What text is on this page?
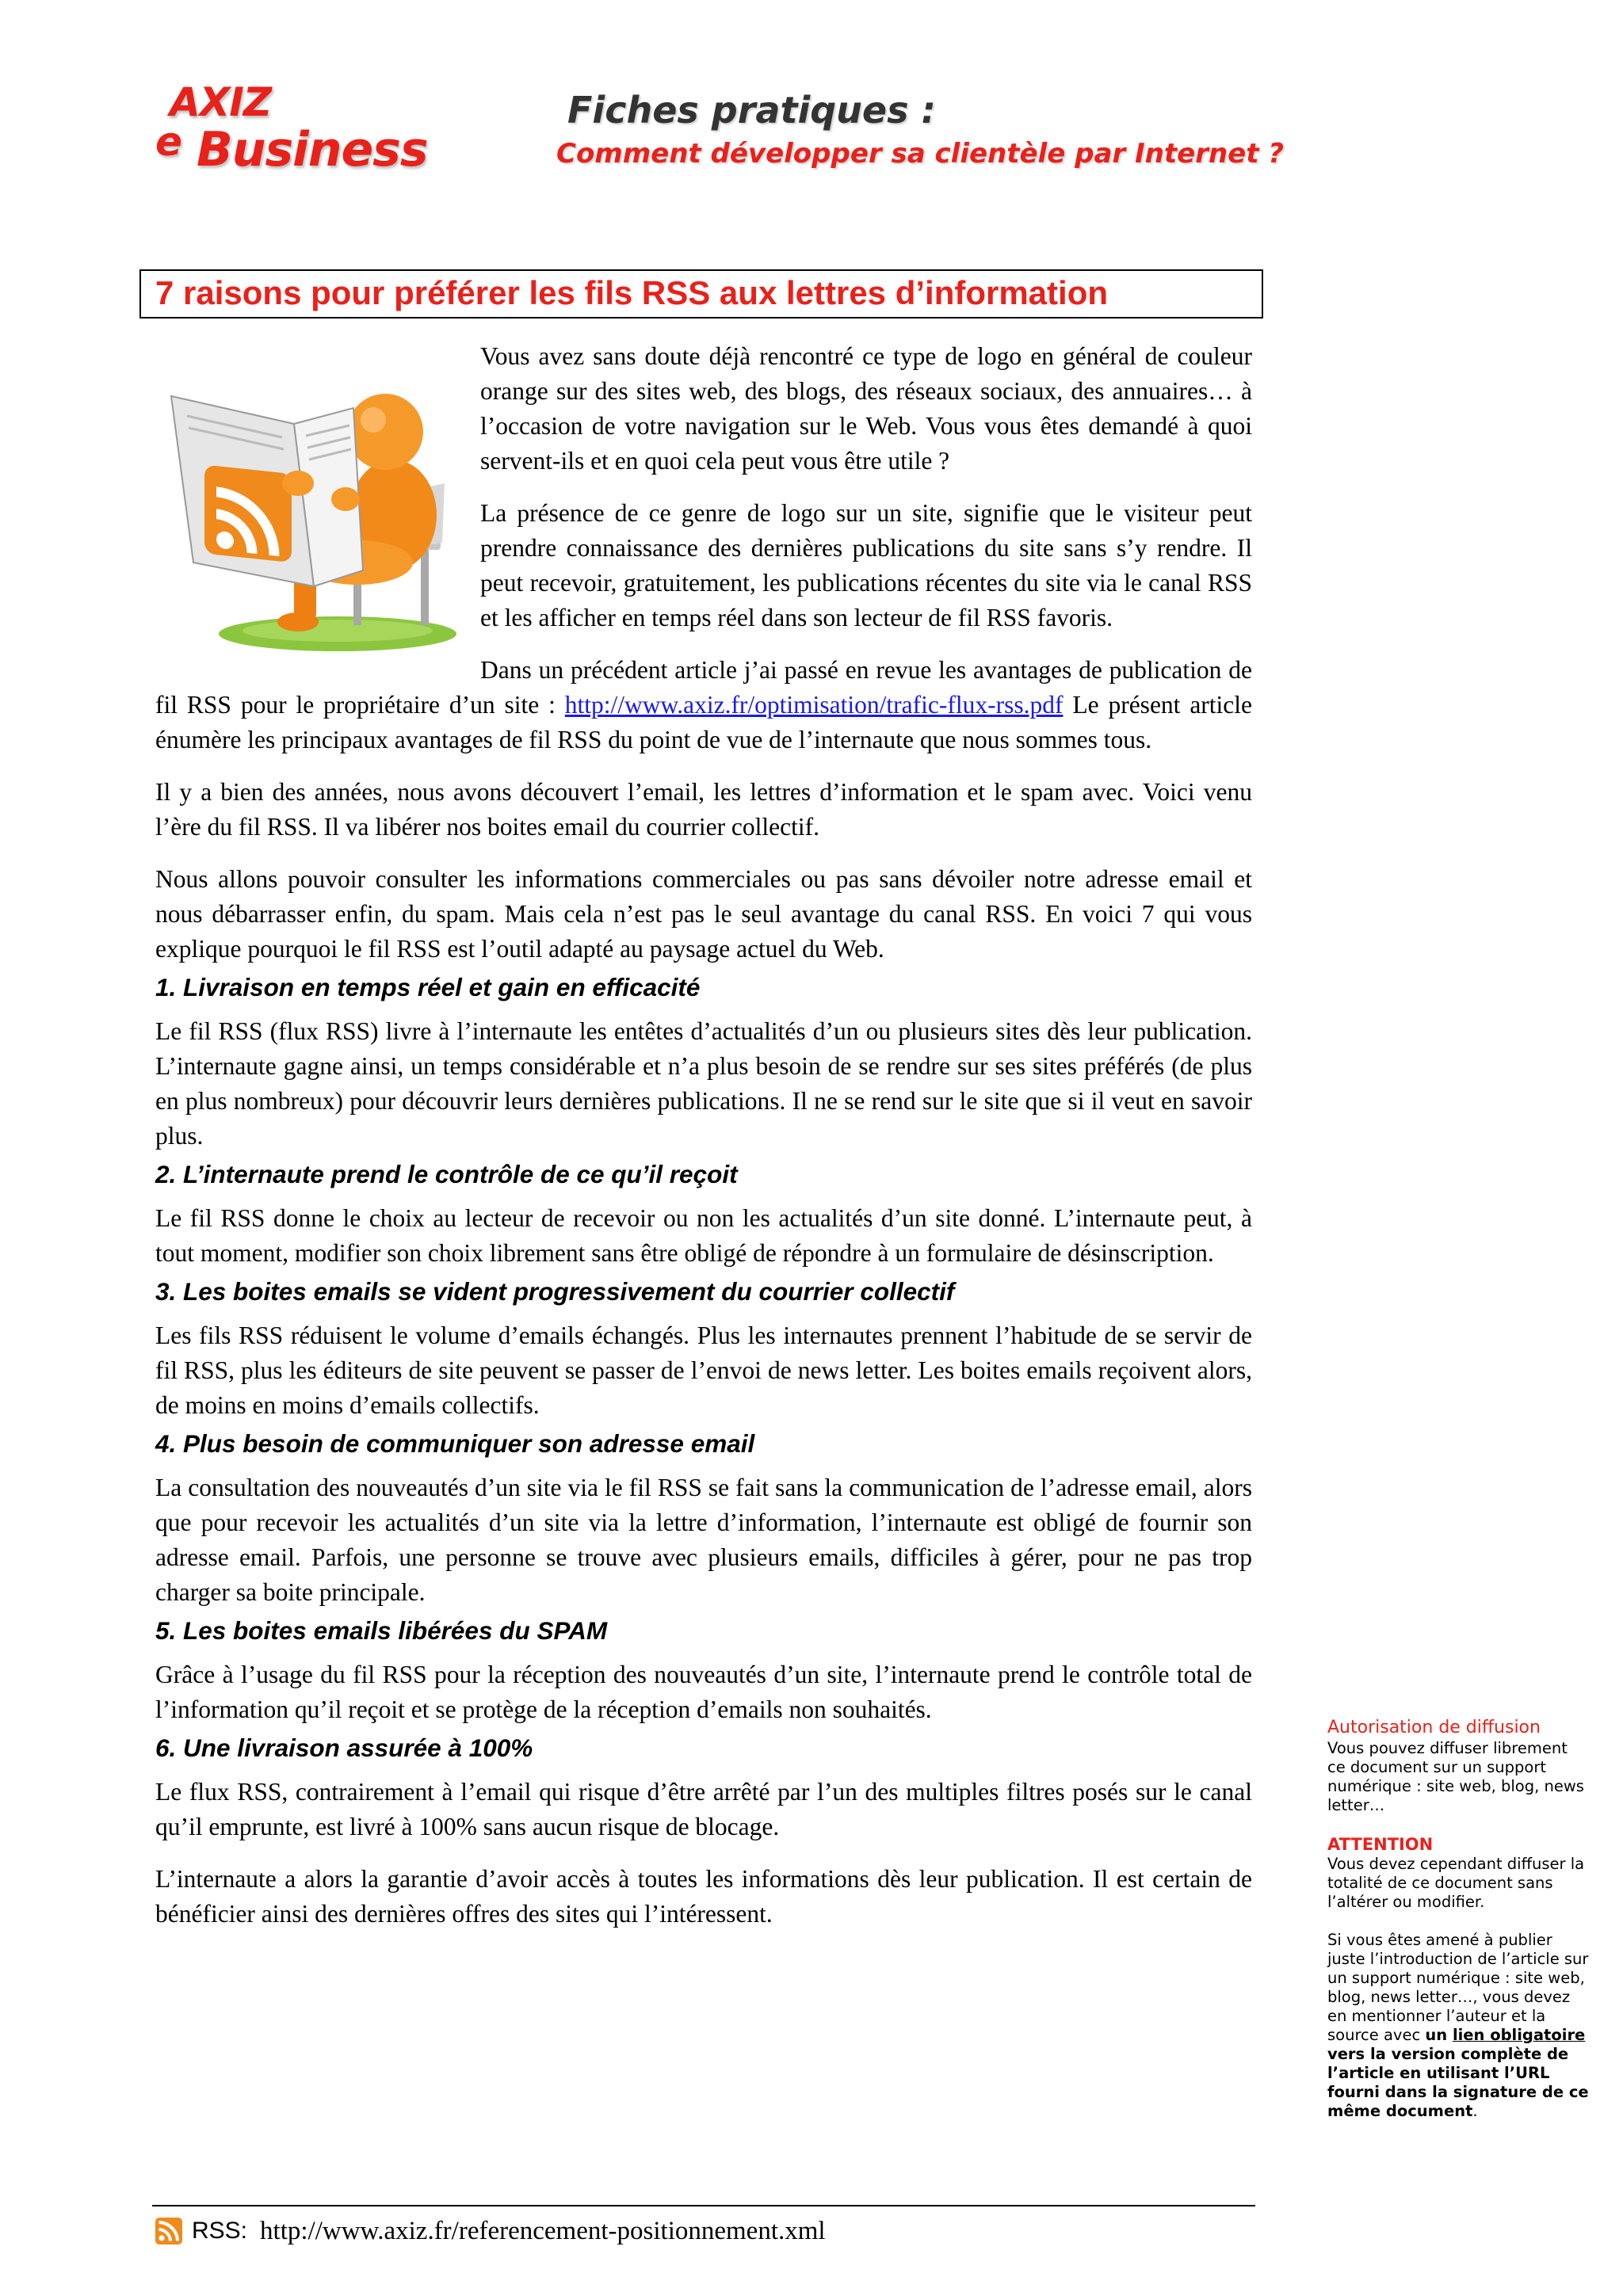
AXIZ
e Business
Fiches pratiques :
Comment développer sa clientèle par Internet ?
7 raisons pour préférer les fils RSS aux lettres d’information

Vous avez sans doute déjà rencontré ce type de logo en général de couleur orange sur des sites web, des blogs, des réseaux sociaux, des annuaires… à l’occasion de votre navigation sur le Web. Vous vous êtes demandé à quoi servent-ils et en quoi cela peut vous être utile ?

La présence de ce genre de logo sur un site, signifie que le visiteur peut prendre connaissance des dernières publications du site sans s’y rendre. Il peut recevoir, gratuitement, les publications récentes du site via le canal RSS et les afficher en temps réel dans son lecteur de fil RSS favoris.

Dans un précédent article j’ai passé en revue les avantages de publication de fil RSS pour le propriétaire d’un site : http://www.axiz.fr/optimisation/trafic-flux-rss.pdf Le présent article énumère les principaux avantages de fil RSS du point de vue de l’internaute que nous sommes tous.

Il y a bien des années, nous avons découvert l’email, les lettres d’information et le spam avec. Voici venu l’ère du fil RSS. Il va libérer nos boites email du courrier collectif.

Nous allons pouvoir consulter les informations commerciales ou pas sans dévoiler notre adresse email et nous débarrasser enfin, du spam. Mais cela n’est pas le seul avantage du canal RSS. En voici 7 qui vous explique pourquoi le fil RSS est l’outil adapté au paysage actuel du Web.

1. Livraison en temps réel et gain en efficacité

Le fil RSS (flux RSS) livre à l’internaute les entêtes d’actualités d’un ou plusieurs sites dès leur publication. L’internaute gagne ainsi, un temps considérable et n’a plus besoin de se rendre sur ses sites préférés (de plus en plus nombreux) pour découvrir leurs dernières publications. Il ne se rend sur le site que si il veut en savoir plus.

2. L’internaute prend le contrôle de ce qu’il reçoit

Le fil RSS donne le choix au lecteur de recevoir ou non les actualités d’un site donné. L’internaute peut, à tout moment, modifier son choix librement sans être obligé de répondre à un formulaire de désinscription.

3. Les boites emails se vident progressivement du courrier collectif

Les fils RSS réduisent le volume d’emails échangés. Plus les internautes prennent l’habitude de se servir de fil RSS, plus les éditeurs de site peuvent se passer de l’envoi de news letter. Les boites emails reçoivent alors, de moins en moins d’emails collectifs.

4. Plus besoin de communiquer son adresse email

La consultation des nouveautés d’un site via le fil RSS se fait sans la communication de l’adresse email, alors que pour recevoir les actualités d’un site via la lettre d’information, l’internaute est obligé de fournir son adresse email. Parfois, une personne se trouve avec plusieurs emails, difficiles à gérer, pour ne pas trop charger sa boite principale.

5. Les boites emails libérées du SPAM

Grâce à l’usage du fil RSS pour la réception des nouveautés d’un site, l’internaute prend le contrôle total de l’information qu’il reçoit et se protège de la réception d’emails non souhaités.

6. Une livraison assurée à 100%

Le flux RSS, contrairement à l’email qui risque d’être arrêté par l’un des multiples filtres posés sur le canal qu’il emprunte, est livré à 100% sans aucun risque de blocage.

L’internaute a alors la garantie d’avoir accès à toutes les informations dès leur publication. Il est certain de bénéficier ainsi des dernières offres des sites qui l’intéressent.

Autorisation de diffusion

Vous pouvez diffuser librement ce document sur un support numérique : site web, blog, news letter…

ATTENTION

Vous devez cependant diffuser la totalité de ce document sans l’altérer ou modifier.

Si vous êtes amené à publier juste l’introduction de l’article sur un support numérique : site web, blog, news letter…, vous devez en mentionner l’auteur et la source avec un lien obligatoire vers la version complète de l’article en utilisant l’URL fourni dans la signature de ce même document.

RSS: http://www.axiz.fr/referencement-positionnement.xml
